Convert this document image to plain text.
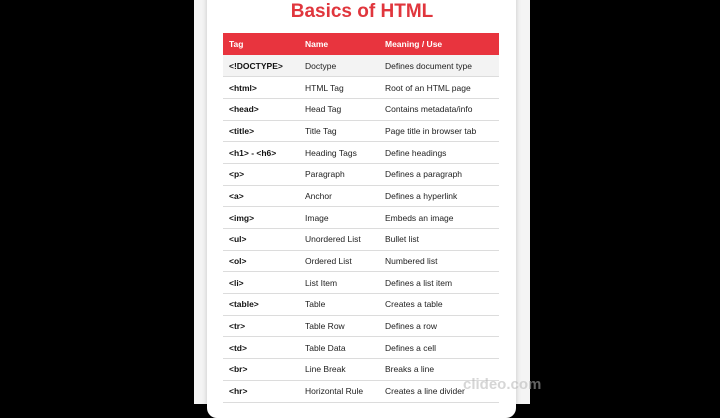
Basics of HTML
Tag	Name	Meaning / Use
<!DOCTYPE>	Doctype	Defines document type
<html>	HTML Tag	Root of an HTML page
<head>	Head Tag	Contains metadata/info
<title>	Title Tag	Page title in browser tab
<h1> - <h6>	Heading Tags	Define headings
<p>	Paragraph	Defines a paragraph
<a>	Anchor	Defines a hyperlink
<img>	Image	Embeds an image
<ul>	Unordered List	Bullet list
<ol>	Ordered List	Numbered list
<li>	List Item	Defines a list item
<table>	Table	Creates a table
<tr>	Table Row	Defines a row
<td>	Table Data	Defines a cell
<br>	Line Break	Breaks a line
<hr>	Horizontal Rule	Creates a line divider
clideo.com
